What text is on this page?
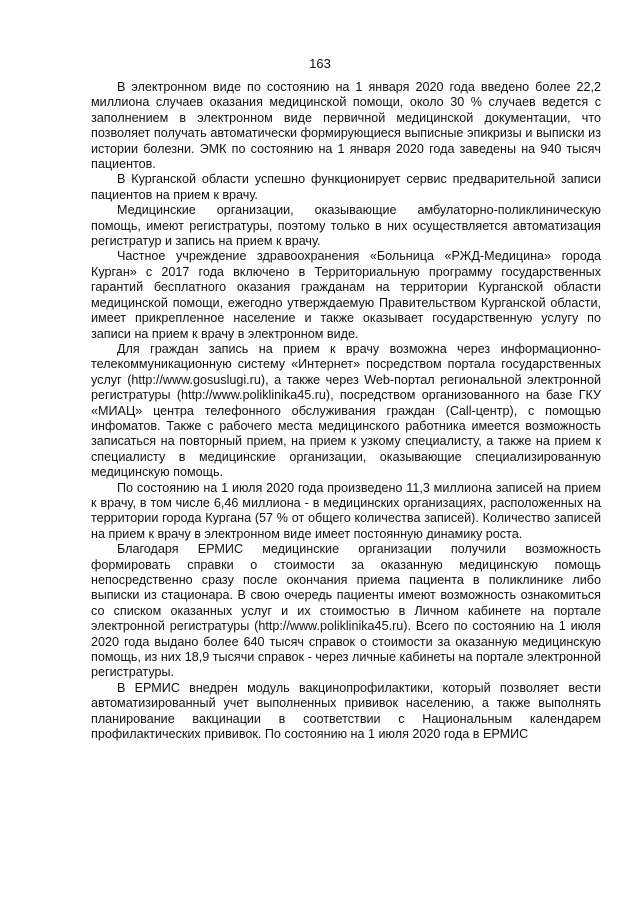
163

В электронном виде по состоянию на 1 января 2020 года введено более 22,2 миллиона случаев оказания медицинской помощи, около 30 % случаев ведется с заполнением в электронном виде первичной медицинской документации, что позволяет получать автоматически формирующиеся выписные эпикризы и выписки из истории болезни. ЭМК по состоянию на 1 января 2020 года заведены на 940 тысяч пациентов.

В Курганской области успешно функционирует сервис предварительной записи пациентов на прием к врачу.

Медицинские организации, оказывающие амбулаторно-поликлиническую помощь, имеют регистратуры, поэтому только в них осуществляется автоматизация регистратур и запись на прием к врачу.

Частное учреждение здравоохранения «Больница «РЖД-Медицина» города Курган» с 2017 года включено в Территориальную программу государственных гарантий бесплатного оказания гражданам на территории Курганской области медицинской помощи, ежегодно утверждаемую Правительством Курганской области, имеет прикрепленное население и также оказывает государственную услугу по записи на прием к врачу в электронном виде.

Для граждан запись на прием к врачу возможна через информационно-телекоммуникационную систему «Интернет» посредством портала государственных услуг (http://www.gosuslugi.ru), а также через Web-портал региональной электронной регистратуры (http://www.poliklinika45.ru), посредством организованного на базе ГКУ «МИАЦ» центра телефонного обслуживания граждан (Call-центр), с помощью инфоматов. Также с рабочего места медицинского работника имеется возможность записаться на повторный прием, на прием к узкому специалисту, а также на прием к специалисту в медицинские организации, оказывающие специализированную медицинскую помощь.

По состоянию на 1 июля 2020 года произведено 11,3 миллиона записей на прием к врачу, в том числе 6,46 миллиона - в медицинских организациях, расположенных на территории города Кургана (57 % от общего количества записей). Количество записей на прием к врачу в электронном виде имеет постоянную динамику роста.

Благодаря ЕРМИС медицинские организации получили возможность формировать справки о стоимости за оказанную медицинскую помощь непосредственно сразу после окончания приема пациента в поликлинике либо выписки из стационара. В свою очередь пациенты имеют возможность ознакомиться со списком оказанных услуг и их стоимостью в Личном кабинете на портале электронной регистратуры (http://www.poliklinika45.ru). Всего по состоянию на 1 июля 2020 года выдано более 640 тысяч справок о стоимости за оказанную медицинскую помощь, из них 18,9 тысячи справок - через личные кабинеты на портале электронной регистратуры.

В ЕРМИС внедрен модуль вакцинопрофилактики, который позволяет вести автоматизированный учет выполненных прививок населению, а также выполнять планирование вакцинации в соответствии с Национальным календарем профилактических прививок. По состоянию на 1 июля 2020 года в ЕРМИС
